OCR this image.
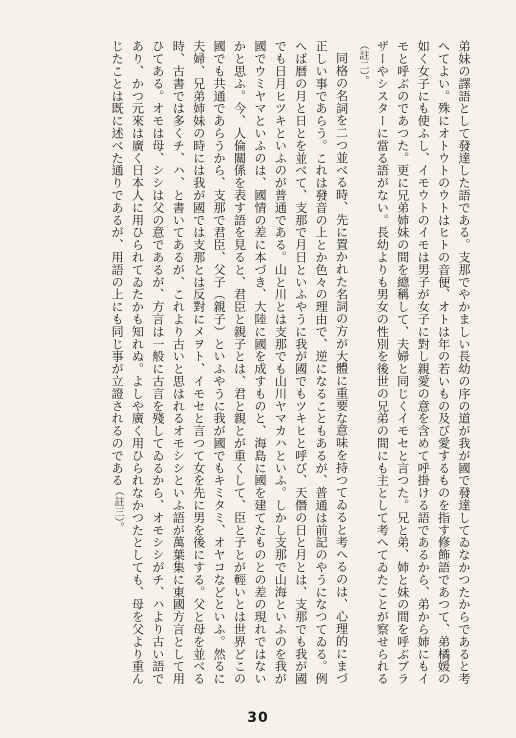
弟妹の譯語として發達した語である。支那でやかましい長幼の序の道が我が國で發達してゐなかつたからであると考へてよい。殊にオトウトのウトはヒトの音便、オトは年の若いもの及び愛するものを指す修飾語であつて、弟橘媛の如く女子にも使ふし、イモウトのイモは男子が女子に對し親愛の意を含めて呼掛ける語であるから、弟から姉にもイモと呼ぶのであつた。更に兄弟姉妹の間を總稱して、夫婦と同じくイモセと言つた。兄と弟、姉と妹の間を呼ぶブラザーやシスターに當る語がない。長幼よりも男女の性別を後世の兄弟の間にも主として考へてゐたことが察せられる（註二）。

同格の名詞を二つ並べる時、先に置かれた名詞の方が大體に重要な意味を持つてゐると考へるのは、心理的にまづ正しい事であらう。これは發音の上とか色々の理由で、逆になることもあるが、普通は前記のやうになつてゐる。例へば暦の月と日とを並べて、支那で月日といふやうに我が國でもツキヒと呼び、天僭の日と月とは、支那でも我が國でも日月ヒツキといふのが普通である。山と川とは支那でも山川ヤマカハといふ。しかし支那で山海といふのを我が國でウミヤマといふのは、國情の差に本づき、大陸に國を成すものと、海島に國を建てたものとの差の現れではないかと思ふ。今、人倫關係を表す語を見ると、君臣と親子とは、君と親とが重くして、臣と子とが輕いとは世界どこの國でも共通であらうから、支那で君臣、父子（親子）といふやうに我が國でもキミタミ、オヤコなどといふ。然るに夫婦、兄弟姉妹の時には我が國では支那とは反對にメヲト、イモセと言つて女を先に男を後にする。父と母を並べる時、古書では多くチ、ハ、と書いてあるが、これより古いと思はれるオモシシといふ語が萬葉集に東國方言として用ひてある。オモは母、シシは父の意であるが、方言は一般に古言を殘してゐるから、オモシシがチ、ハより古い語であり、かつ元來は廣く日本人に用ひられてゐたかも知れぬ。よしや廣く用ひられなかつたとしても、母を父より重んじたことは既に述べた通りであるが、用語の上にも同じ事が立證されるのである（註三）。

30
